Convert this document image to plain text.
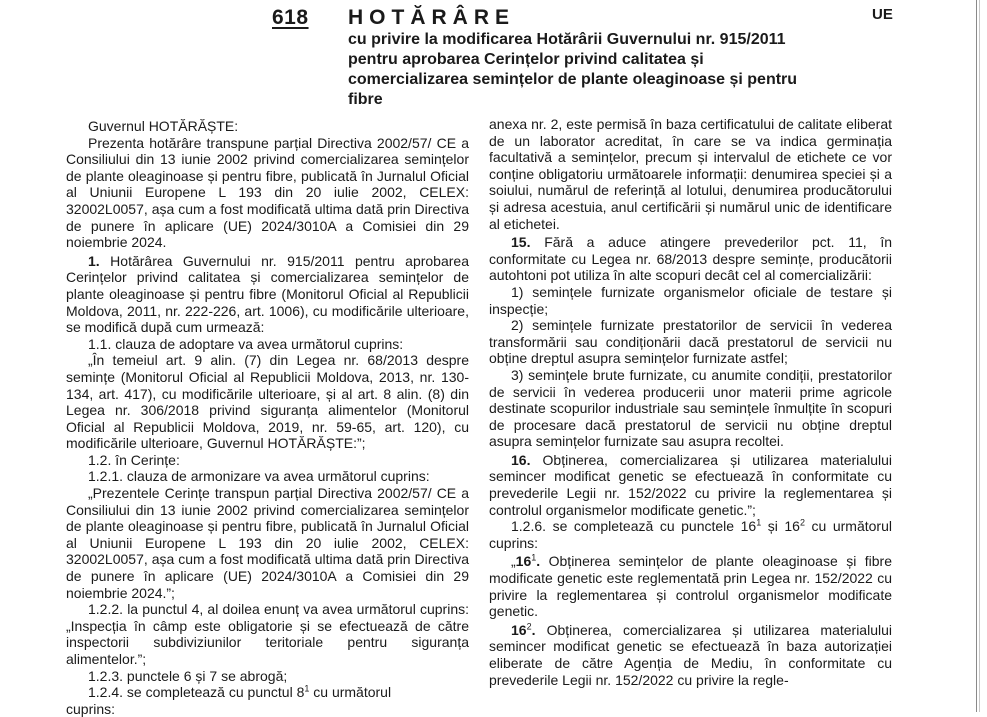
618 HOTĂRÂRE	UE
cu privire la modificarea Hotărârii Guvernului nr. 915/2011 pentru aprobarea Cerințelor privind calitatea și comercializarea semințelor de plante oleaginoase și pentru fibre

Guvernul HOTĂRĂȘTE:

Prezenta hotărâre transpune parțial Directiva 2002/57/ CE a Consiliului din 13 iunie 2002 privind comercializarea semințelor de plante oleaginoase și pentru fibre, publicată în Jurnalul Oficial al Uniunii Europene L 193 din 20 iulie 2002, CELEX: 32002L0057, așa cum a fost modificată ultima dată prin Directiva de punere în aplicare (UE) 2024/3010A a Comisiei din 29 noiembrie 2024.

1. Hotărârea Guvernului nr. 915/2011 pentru aprobarea Cerințelor privind calitatea și comercializarea semințelor de plante oleaginoase și pentru fibre (Monitorul Oficial al Republicii Moldova, 2011, nr. 222-226, art. 1006), cu modificările ulterioare, se modifică după cum urmează:

1.1. clauza de adoptare va avea următorul cuprins:

„În temeiul art. 9 alin. (7) din Legea nr. 68/2013 despre semințe (Monitorul Oficial al Republicii Moldova, 2013, nr. 130-134, art. 417), cu modificările ulterioare, și al art. 8 alin. (8) din Legea nr. 306/2018 privind siguranța alimentelor (Monitorul Oficial al Republicii Moldova, 2019, nr. 59-65, art. 120), cu modificările ulterioare, Guvernul HOTĂRĂȘTE:”;

1.2. în Cerințe:

1.2.1. clauza de armonizare va avea următorul cuprins:

„Prezentele Cerințe transpun parțial Directiva 2002/57/ CE a Consiliului din 13 iunie 2002 privind comercializarea semințelor de plante oleaginoase și pentru fibre, publicată în Jurnalul Oficial al Uniunii Europene L 193 din 20 iulie 2002, CELEX: 32002L0057, așa cum a fost modificată ultima dată prin Directiva de punere în aplicare (UE) 2024/3010A a Comisiei din 29 noiembrie 2024.”;

1.2.2. la punctul 4, al doilea enunț va avea următorul cuprins: „Inspecția în câmp este obligatorie și se efectuează de către inspectorii subdiviziunilor teritoriale pentru siguranța alimentelor.”;

1.2.3. punctele 6 și 7 se abrogă;

1.2.4. se completează cu punctul $8^1$ cu următorul

cuprins:

anexa nr. 2, este permisă în baza certificatului de calitate eliberat de un laborator acreditat, în care se va indica germinația facultativă a semințelor, precum și intervalul de etichete ce vor conține obligatoriu următoarele informații: denumirea speciei și a soiului, numărul de referință al lotului, denumirea producătorului și adresa acestuia, anul certificării și numărul unic de identificare al etichetei.

15. Fără a aduce atingere prevederilor pct. 11, în conformitate cu Legea nr. 68/2013 despre semințe, producătorii autohtoni pot utiliza în alte scopuri decât cel al comercializării:

1) semințele furnizate organismelor oficiale de testare și inspecție;

2) semințele furnizate prestatorilor de servicii în vederea transformării sau condiționării dacă prestatorul de servicii nu obține dreptul asupra semințelor furnizate astfel;

3) semințele brute furnizate, cu anumite condiții, prestatorilor de servicii în vederea producerii unor materii prime agricole destinate scopurilor industriale sau semințele înmulțite în scopuri de procesare dacă prestatorul de servicii nu obține dreptul asupra semințelor furnizate sau asupra recoltei.

16. Obținerea, comercializarea și utilizarea materialului semincer modificat genetic se efectuează în conformitate cu prevederile Legii nr. 152/2022 cu privire la reglementarea și controlul organismelor modificate genetic.”;

1.2.6. se completează cu punctele $16^1$ și $16^2$ cu următorul cuprins:

$„16^1$. Obținerea semințelor de plante oleaginoase și fibre modificate genetic este reglementată prin Legea nr. 152/2022 cu privire la reglementarea și controlul organismelor modificate genetic.

$16^2$. Obținerea, comercializarea și utilizarea materialului semincer modificat genetic se efectuează în baza autorizației eliberate de către Agenția de Mediu, în conformitate cu prevederile Legii nr. 152/2022 cu privire la regle-
